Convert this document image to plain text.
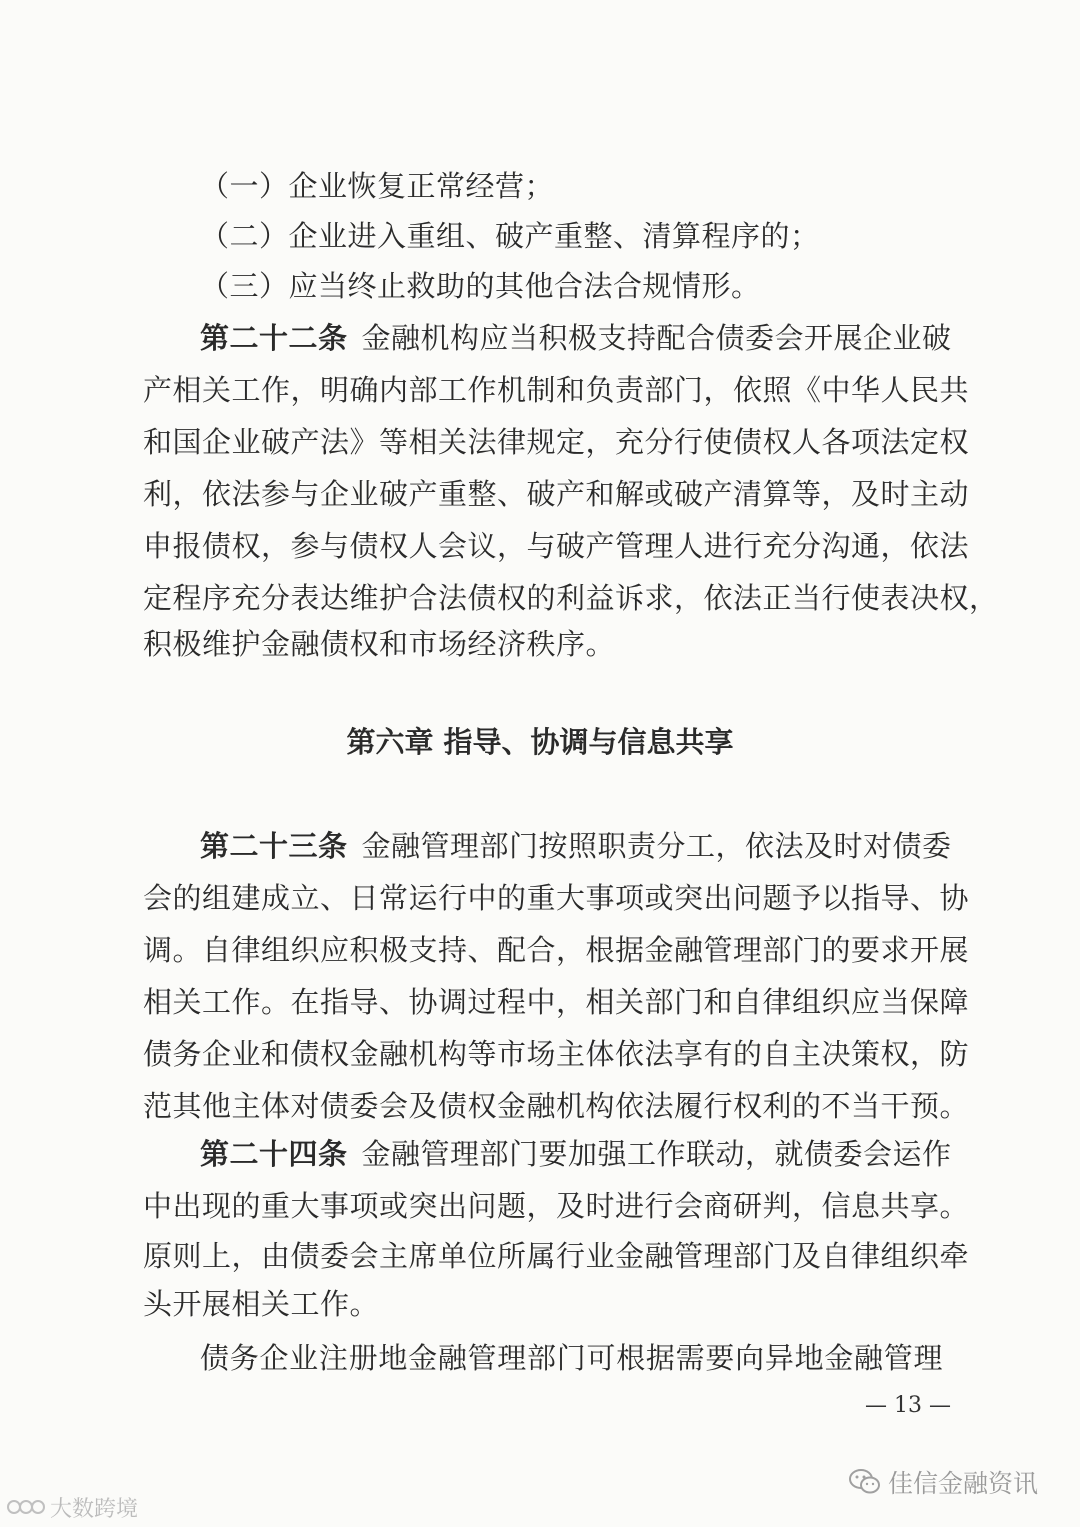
（一）企业恢复正常经营；
（二）企业进入重组、破产重整、清算程序的；
（三）应当终止救助的其他合法合规情形。
第二十二条 金融机构应当积极支持配合债委会开展企业破
产相关工作，明确内部工作机制和负责部门，依照《中华人民共
和国企业破产法》等相关法律规定，充分行使债权人各项法定权
利，依法参与企业破产重整、破产和解或破产清算等，及时主动
申报债权，参与债权人会议，与破产管理人进行充分沟通，依法
定程序充分表达维护合法债权的利益诉求，依法正当行使表决权，
积极维护金融债权和市场经济秩序。
第六章 指导、协调与信息共享
第二十三条 金融管理部门按照职责分工，依法及时对债委
会的组建成立、日常运行中的重大事项或突出问题予以指导、协
调。自律组织应积极支持、配合，根据金融管理部门的要求开展
相关工作。在指导、协调过程中，相关部门和自律组织应当保障
债务企业和债权金融机构等市场主体依法享有的自主决策权，防
范其他主体对债委会及债权金融机构依法履行权利的不当干预。
第二十四条 金融管理部门要加强工作联动，就债委会运作
中出现的重大事项或突出问题，及时进行会商研判，信息共享。
原则上，由债委会主席单位所属行业金融管理部门及自律组织牵
头开展相关工作。
债务企业注册地金融管理部门可根据需要向异地金融管理
— 13 —
佳信金融资讯
大数跨境
